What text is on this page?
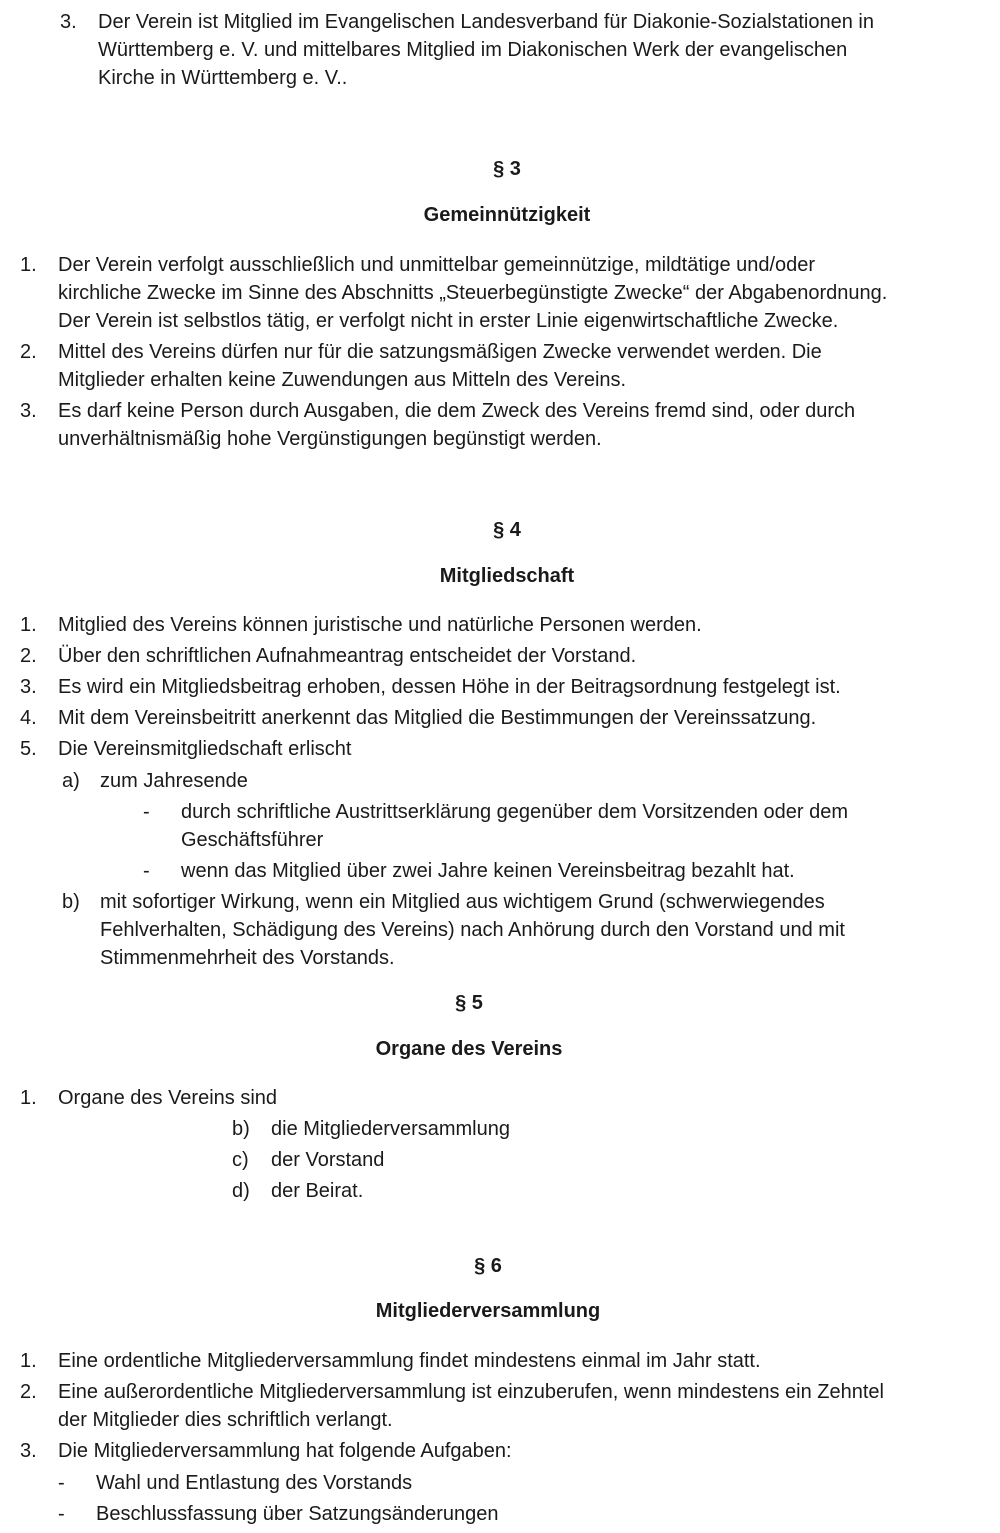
3. Der Verein ist Mitglied im Evangelischen Landesverband für Diakonie-Sozialstationen in
Württemberg e. V. und mittelbares Mitglied im Diakonischen Werk der evangelischen
Kirche in Württemberg e. V..
§ 3
Gemeinnützigkeit
1. Der Verein verfolgt ausschließlich und unmittelbar gemeinnützige, mildtätige und/oder
kirchliche Zwecke im Sinne des Abschnitts „Steuerbegünstigte Zwecke“ der Abgabenordnung.
Der Verein ist selbstlos tätig, er verfolgt nicht in erster Linie eigenwirtschaftliche Zwecke.
2. Mittel des Vereins dürfen nur für die satzungsmäßigen Zwecke verwendet werden. Die
Mitglieder erhalten keine Zuwendungen aus Mitteln des Vereins.
3. Es darf keine Person durch Ausgaben, die dem Zweck des Vereins fremd sind, oder durch
unverhältnismäßig hohe Vergünstigungen begünstigt werden.
§ 4
Mitgliedschaft
1. Mitglied des Vereins können juristische und natürliche Personen werden.
2. Über den schriftlichen Aufnahmeantrag entscheidet der Vorstand.
3. Es wird ein Mitgliedsbeitrag erhoben, dessen Höhe in der Beitragsordnung festgelegt ist.
4. Mit dem Vereinsbeitritt anerkennt das Mitglied die Bestimmungen der Vereinssatzung.
5. Die Vereinsmitgliedschaft erlischt
a) zum Jahresende
- durch schriftliche Austrittserklärung gegenüber dem Vorsitzenden oder dem
Geschäftsführer
- wenn das Mitglied über zwei Jahre keinen Vereinsbeitrag bezahlt hat.
b) mit sofortiger Wirkung, wenn ein Mitglied aus wichtigem Grund (schwerwiegendes
Fehlverhalten, Schädigung des Vereins) nach Anhörung durch den Vorstand und mit
Stimmenmehrheit des Vorstands.
§ 5
Organe des Vereins
1. Organe des Vereins sind
b) die Mitgliederversammlung
c) der Vorstand
d) der Beirat.
§ 6
Mitgliederversammlung
1. Eine ordentliche Mitgliederversammlung findet mindestens einmal im Jahr statt.
2. Eine außerordentliche Mitgliederversammlung ist einzuberufen, wenn mindestens ein Zehntel
der Mitglieder dies schriftlich verlangt.
3. Die Mitgliederversammlung hat folgende Aufgaben:
- Wahl und Entlastung des Vorstands
- Beschlussfassung über Satzungsänderungen
